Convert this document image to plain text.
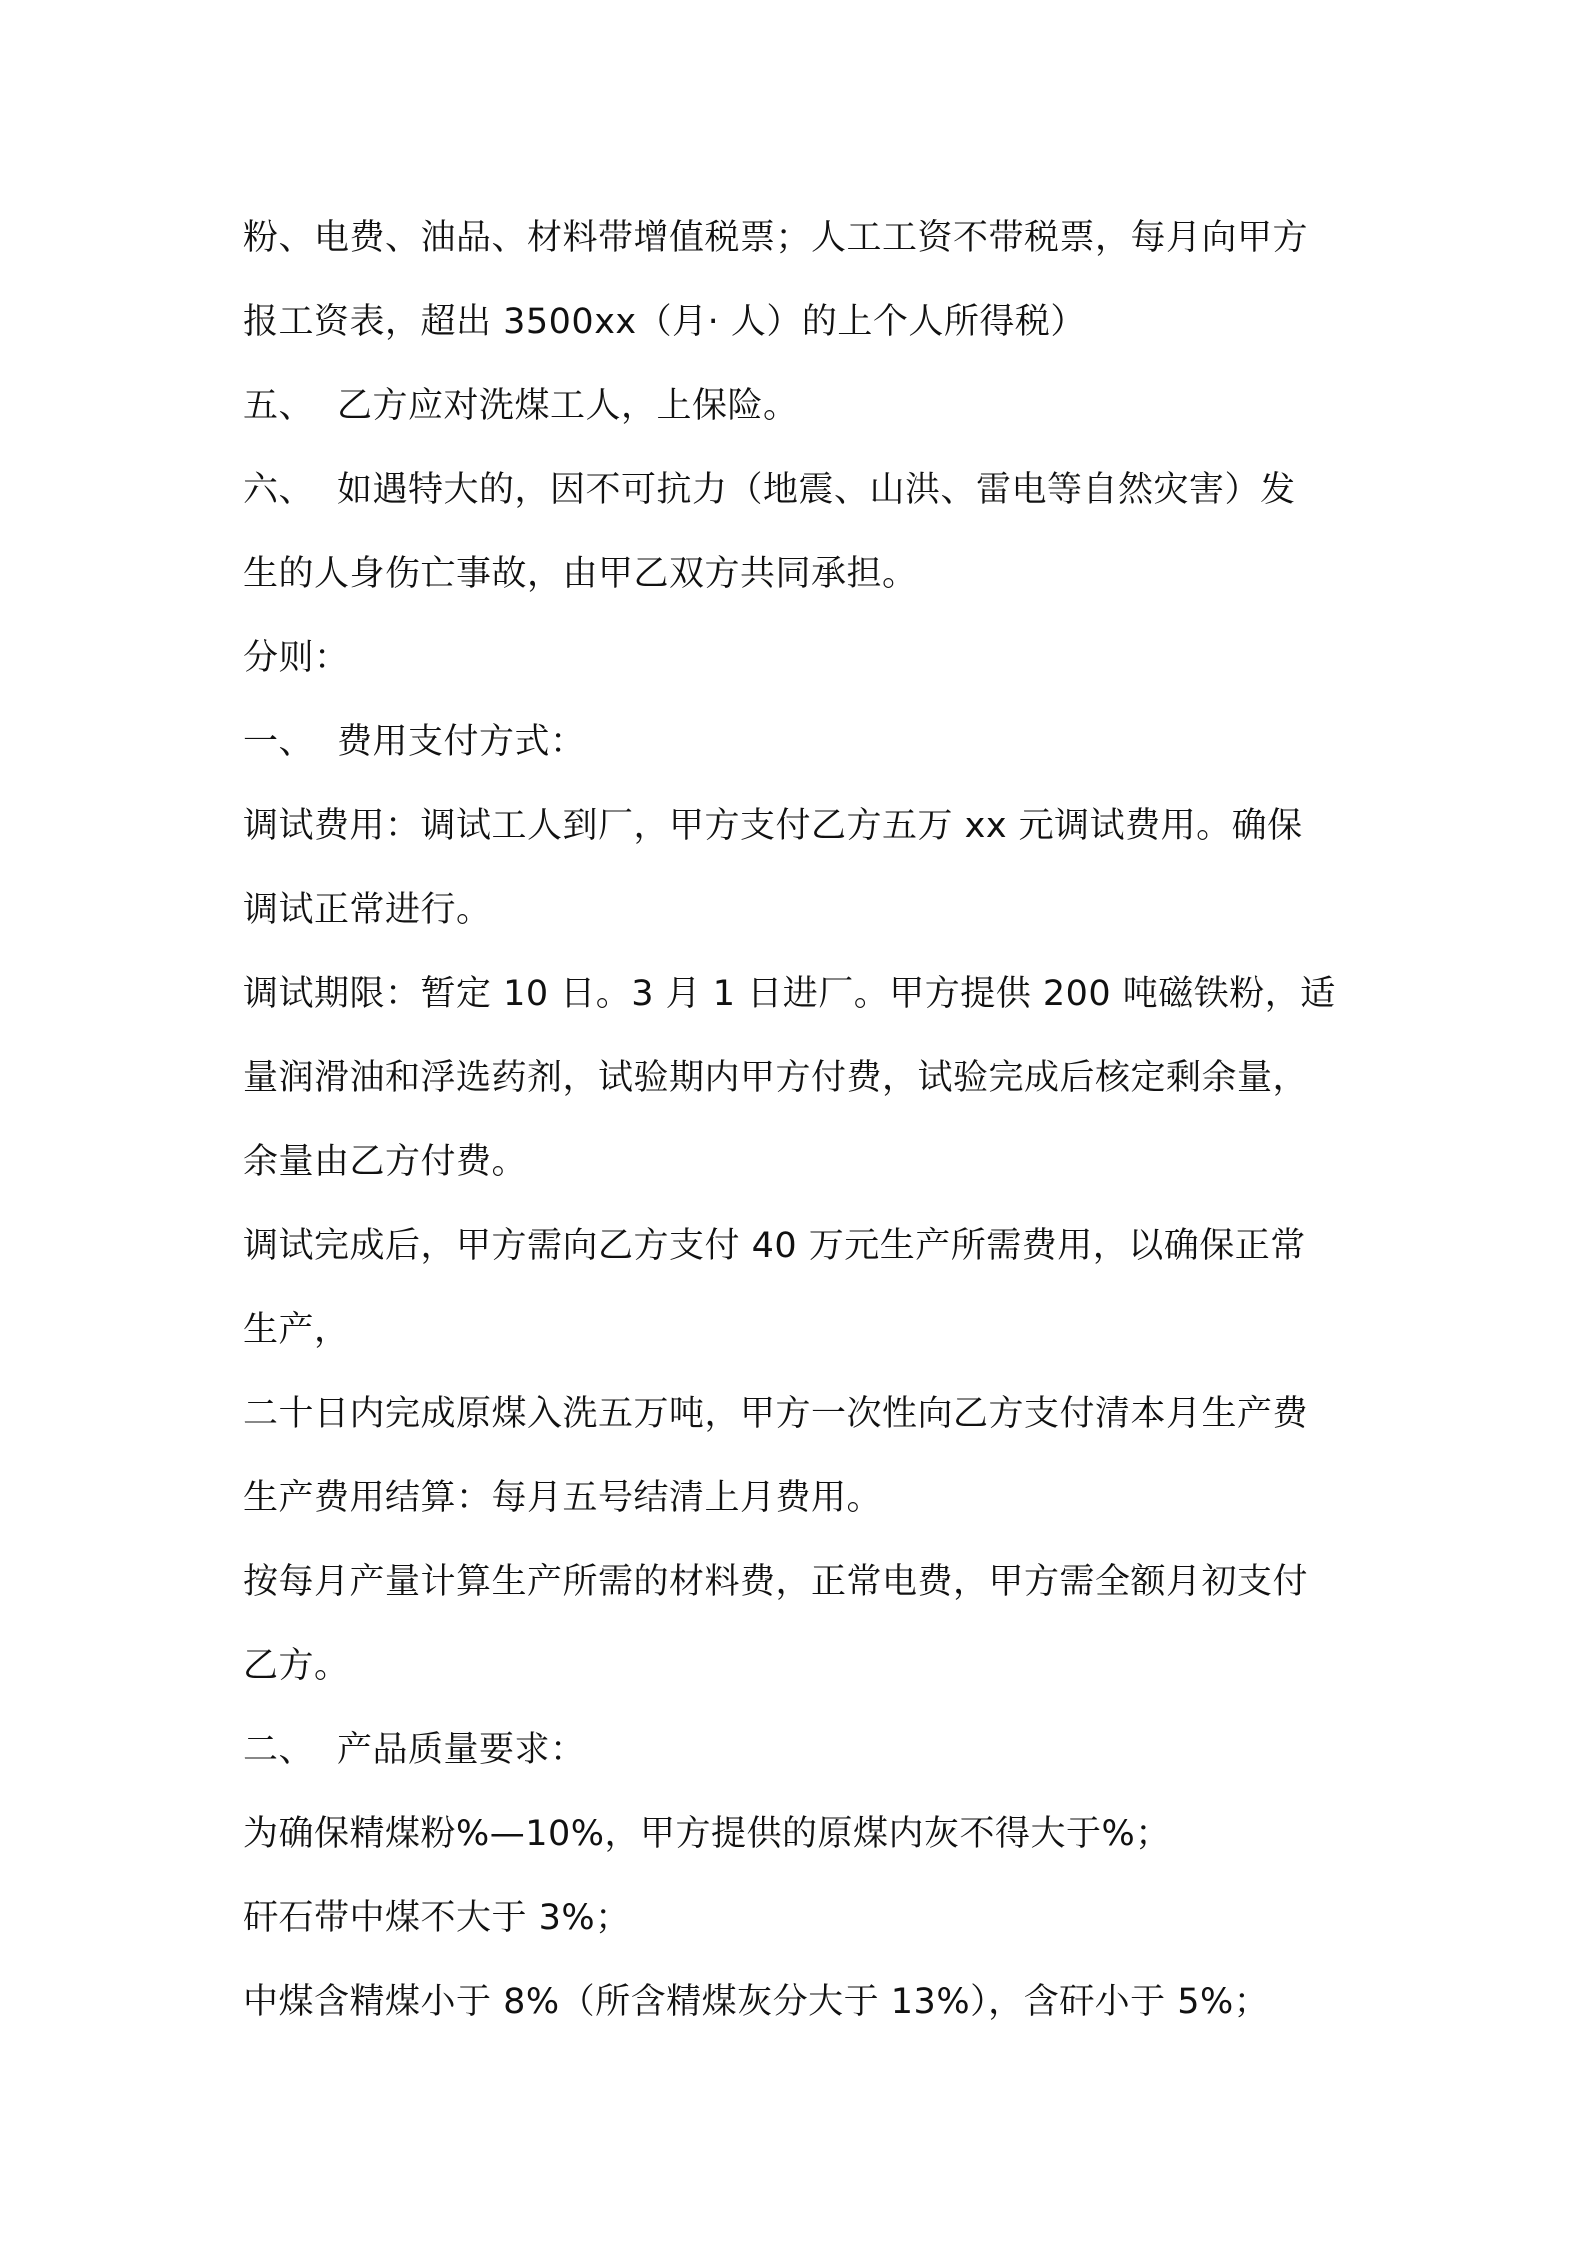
粉、电费、油品、材料带增值税票；人工工资不带税票，每月向甲方
报工资表，超出 3500xx（月· 人）的上个人所得税）
五、 乙方应对洗煤工人，上保险。
六、 如遇特大的，因不可抗力（地震、山洪、雷电等自然灾害）发
生的人身伤亡事故，由甲乙双方共同承担。
分则：
一、 费用支付方式：
调试费用：调试工人到厂，甲方支付乙方五万 xx 元调试费用。确保
调试正常进行。
调试期限：暂定 10 日。3 月 1 日进厂。甲方提供 200 吨磁铁粉，适
量润滑油和浮选药剂，试验期内甲方付费，试验完成后核定剩余量，
余量由乙方付费。
调试完成后，甲方需向乙方支付 40 万元生产所需费用，以确保正常
生产，
二十日内完成原煤入洗五万吨，甲方一次性向乙方支付清本月生产费
生产费用结算：每月五号结清上月费用。
按每月产量计算生产所需的材料费，正常电费，甲方需全额月初支付
乙方。
二、 产品质量要求：
为确保精煤粉%—10%，甲方提供的原煤内灰不得大于%；
矸石带中煤不大于 3%；
中煤含精煤小于 8%（所含精煤灰分大于 13%），含矸小于 5%；
